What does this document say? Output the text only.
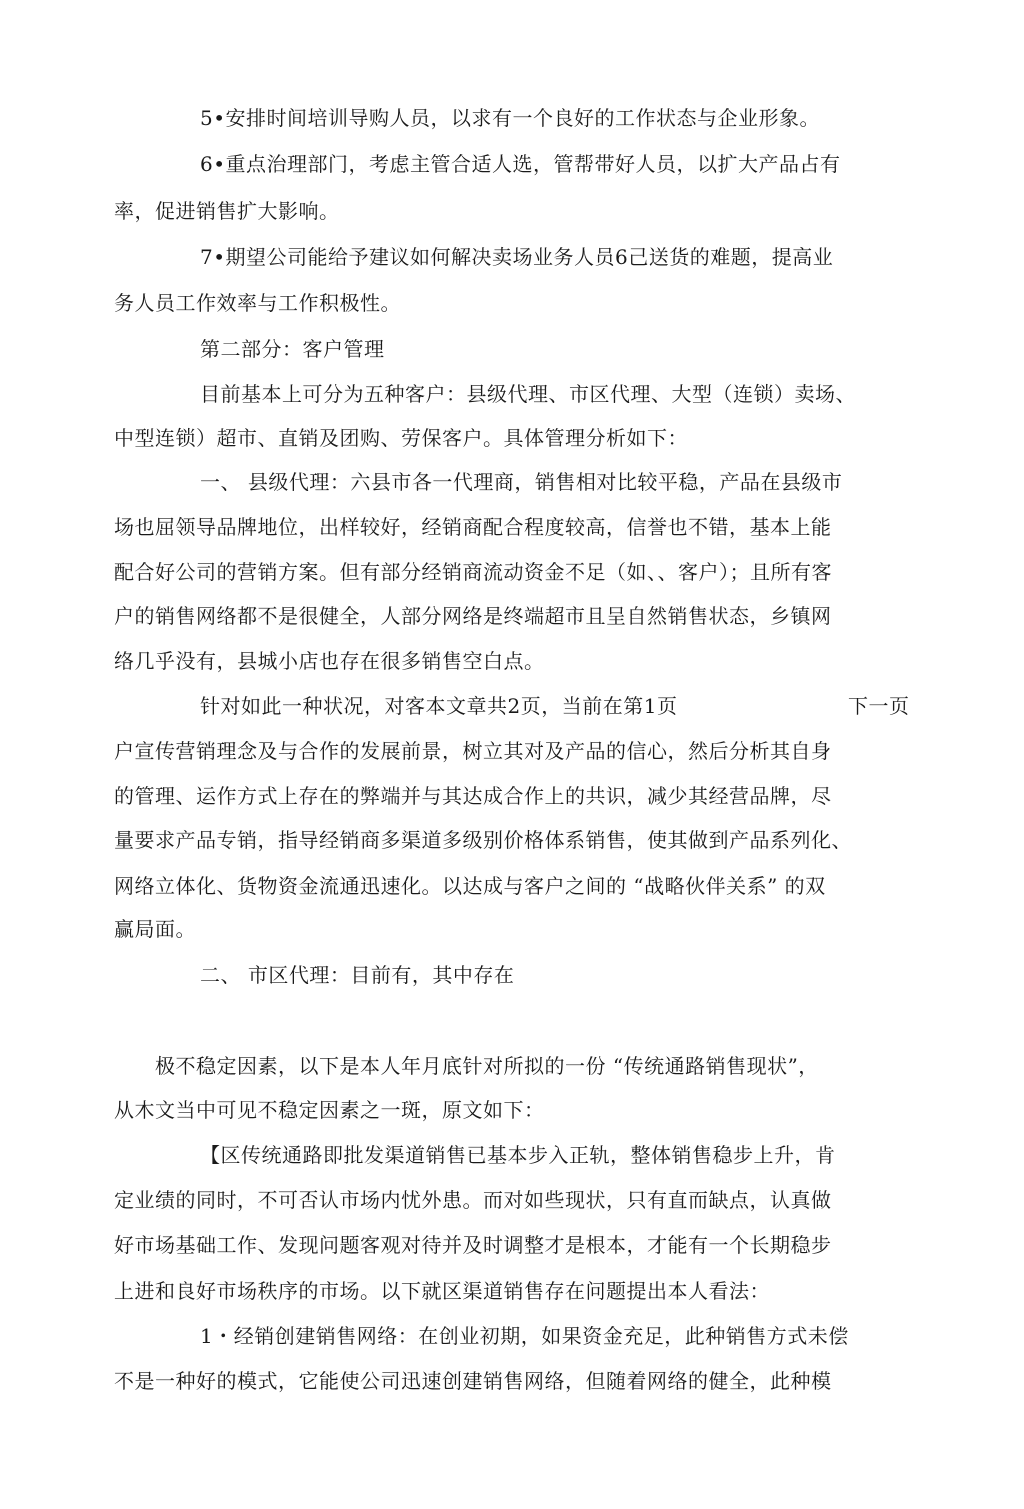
5•安排时间培训导购人员，以求有一个良好的工作状态与企业形象。
6•重点治理部门，考虑主管合适人选，管帮带好人员，以扩大产品占有
率，促进销售扩大影响。
7•期望公司能给予建议如何解决卖场业务人员6己送货的难题，提高业
务人员工作效率与工作积极性。
第二部分：客户管理
目前基本上可分为五种客户：县级代理、市区代理、大型（连锁）卖场、
中型连锁）超市、直销及团购、劳保客户。具体管理分析如下：
一、 县级代理：六县市各一代理商，销售相对比较平稳，产品在县级市
场也屈领导品牌地位，出样较好，经销商配合程度较高，信誉也不错，基本上能
配合好公司的营销方案。但有部分经销商流动资金不足（如、、客户）；且所有客
户的销售网络都不是很健全，人部分网络是终端超市且呈自然销售状态，乡镇网
络几乎没有，县城小店也存在很多销售空白点。
针对如此一种状况，对客本文章共2页，当前在第1页	下一页
户宣传营销理念及与合作的发展前景，树立其对及产品的信心，然后分析其自身
的管理、运作方式上存在的弊端并与其达成合作上的共识，减少其经营品牌，尽
量要求产品专销，指导经销商多渠道多级别价格体系销售，使其做到产品系列化、
网络立体化、货物资金流通迅速化。以达成与客户之间的 “战略伙伴关系” 的双
赢局面。
二、 市区代理：目前有，其中存在
极不稳定因素，以下是本人年月底针对所拟的一份 “传统通路销售现状”，
从木文当中可见不稳定因素之一斑，原文如下：
【区传统通路即批发渠道销售已基本步入正轨，整体销售稳步上升，肯
定业绩的同时，不可否认市场内忧外患。而对如些现状，只有直而缺点，认真做
好市场基础工作、发现问题客观对待并及时调整才是根本，才能有一个长期稳步
上进和良好市场秩序的市场。以下就区渠道销售存在问题提出本人看法：
1・经销创建销售网络：在创业初期，如果资金充足，此种销售方式未偿
不是一种好的模式，它能使公司迅速创建销售网络，但随着网络的健全，此种模
